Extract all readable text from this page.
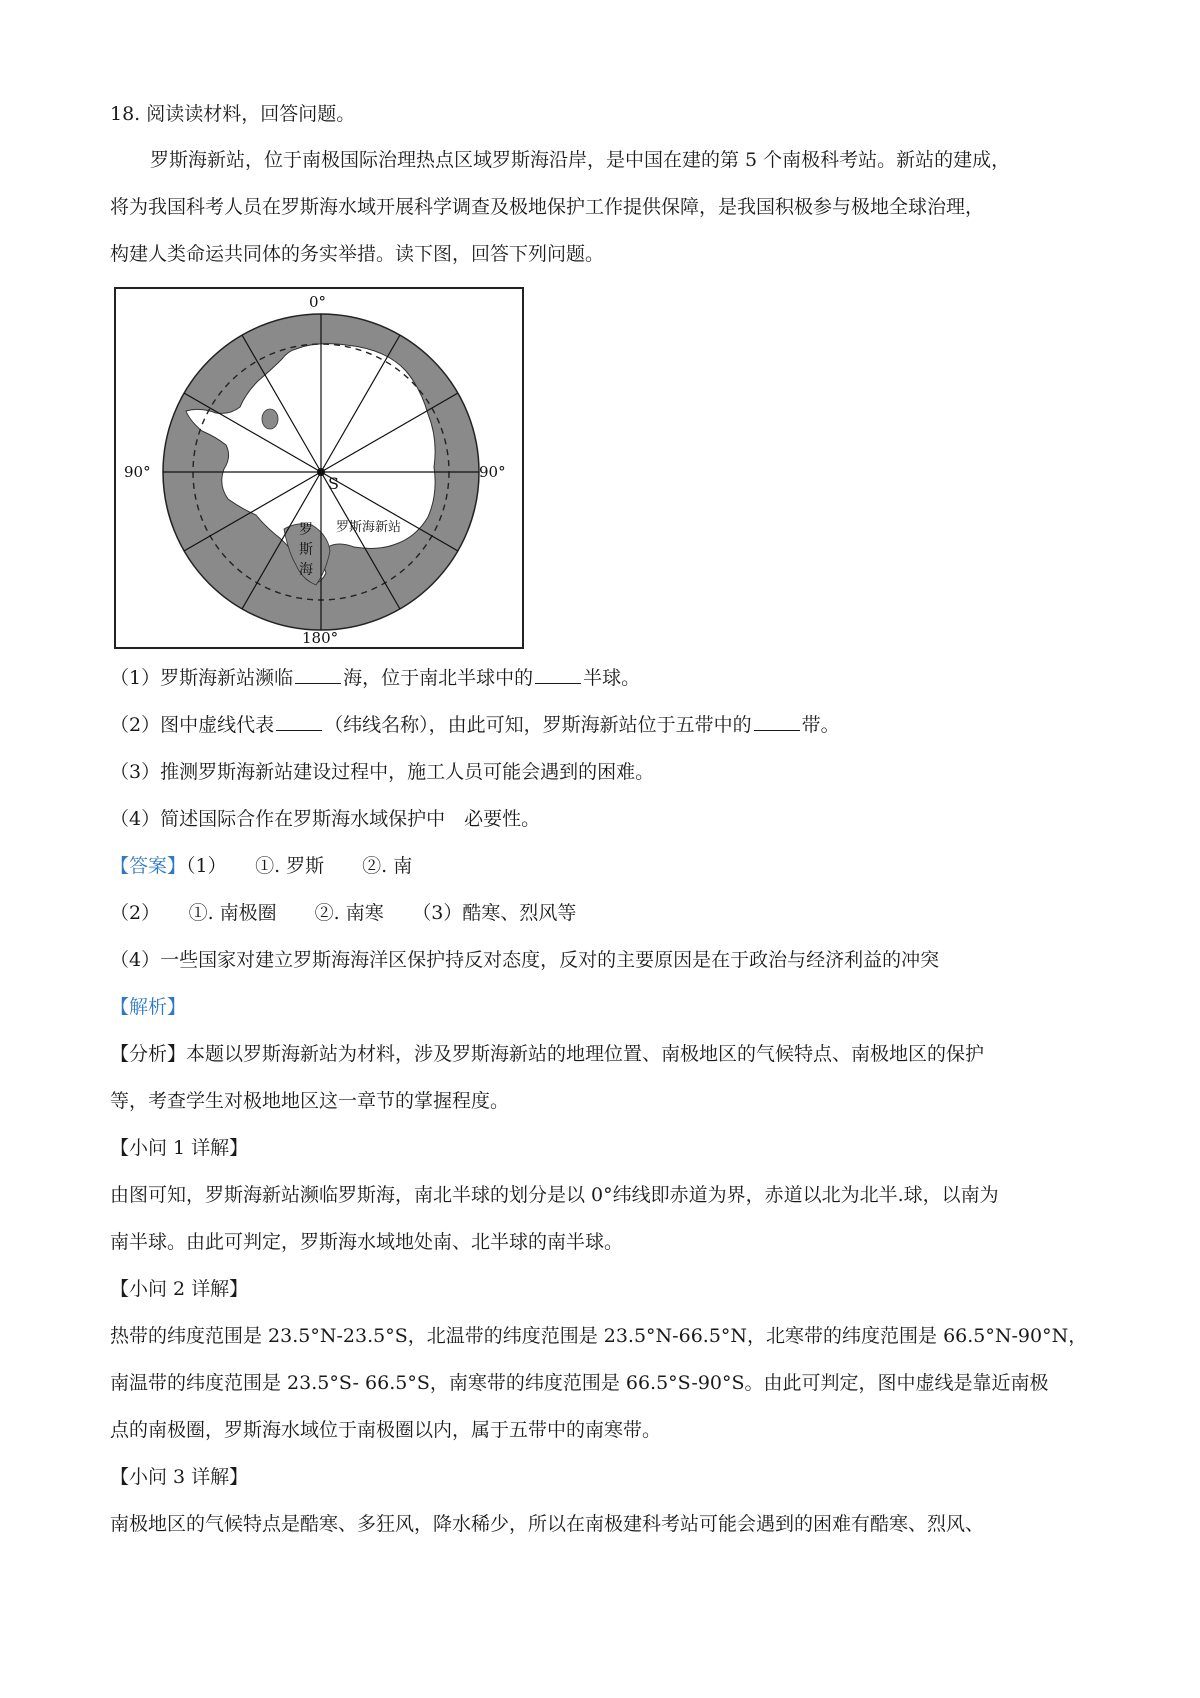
18. 阅读读材料，回答问题。
罗斯海新站，位于南极国际治理热点区域罗斯海沿岸，是中国在建的第 5 个南极科考站。新站的建成，
将为我国科考人员在罗斯海水域开展科学调查及极地保护工作提供保障，是我国积极参与极地全球治理，
构建人类命运共同体的务实举措。读下图，回答下列问题。
0°
180°
90°	90°
S
罗
斯
海
罗斯海新站
（1）罗斯海新站濒临	海，位于南北半球中的	半球。
（2）图中虚线代表	（纬线名称），由此可知，罗斯海新站位于五带中的	带。
（3）推测罗斯海新站建设过程中，施工人员可能会遇到的困难。
（4）简述国际合作在罗斯海水域保护中　必要性。
【答案】（1）　　①. 罗斯　　②. 南
（2）　　①. 南极圈　　②. 南寒　　（3）酷寒、烈风等
（4）一些国家对建立罗斯海海洋区保护持反对态度，反对的主要原因是在于政治与经济利益的冲突
【解析】
【分析】本题以罗斯海新站为材料，涉及罗斯海新站的地理位置、南极地区的气候特点、南极地区的保护
等，考查学生对极地地区这一章节的掌握程度。
【小问 1 详解】
由图可知，罗斯海新站濒临罗斯海，南北半球的划分是以 0°纬线即赤道为界，赤道以北为北半.球，以南为
南半球。由此可判定，罗斯海水域地处南、北半球的南半球。
【小问 2 详解】
热带的纬度范围是 23.5°N-23.5°S，北温带的纬度范围是 23.5°N-66.5°N，北寒带的纬度范围是 66.5°N-90°N，
南温带的纬度范围是 23.5°S- 66.5°S，南寒带的纬度范围是 66.5°S-90°S。由此可判定，图中虚线是靠近南极
点的南极圈，罗斯海水域位于南极圈以内，属于五带中的南寒带。
【小问 3 详解】
南极地区的气候特点是酷寒、多狂风，降水稀少，所以在南极建科考站可能会遇到的困难有酷寒、烈风、
